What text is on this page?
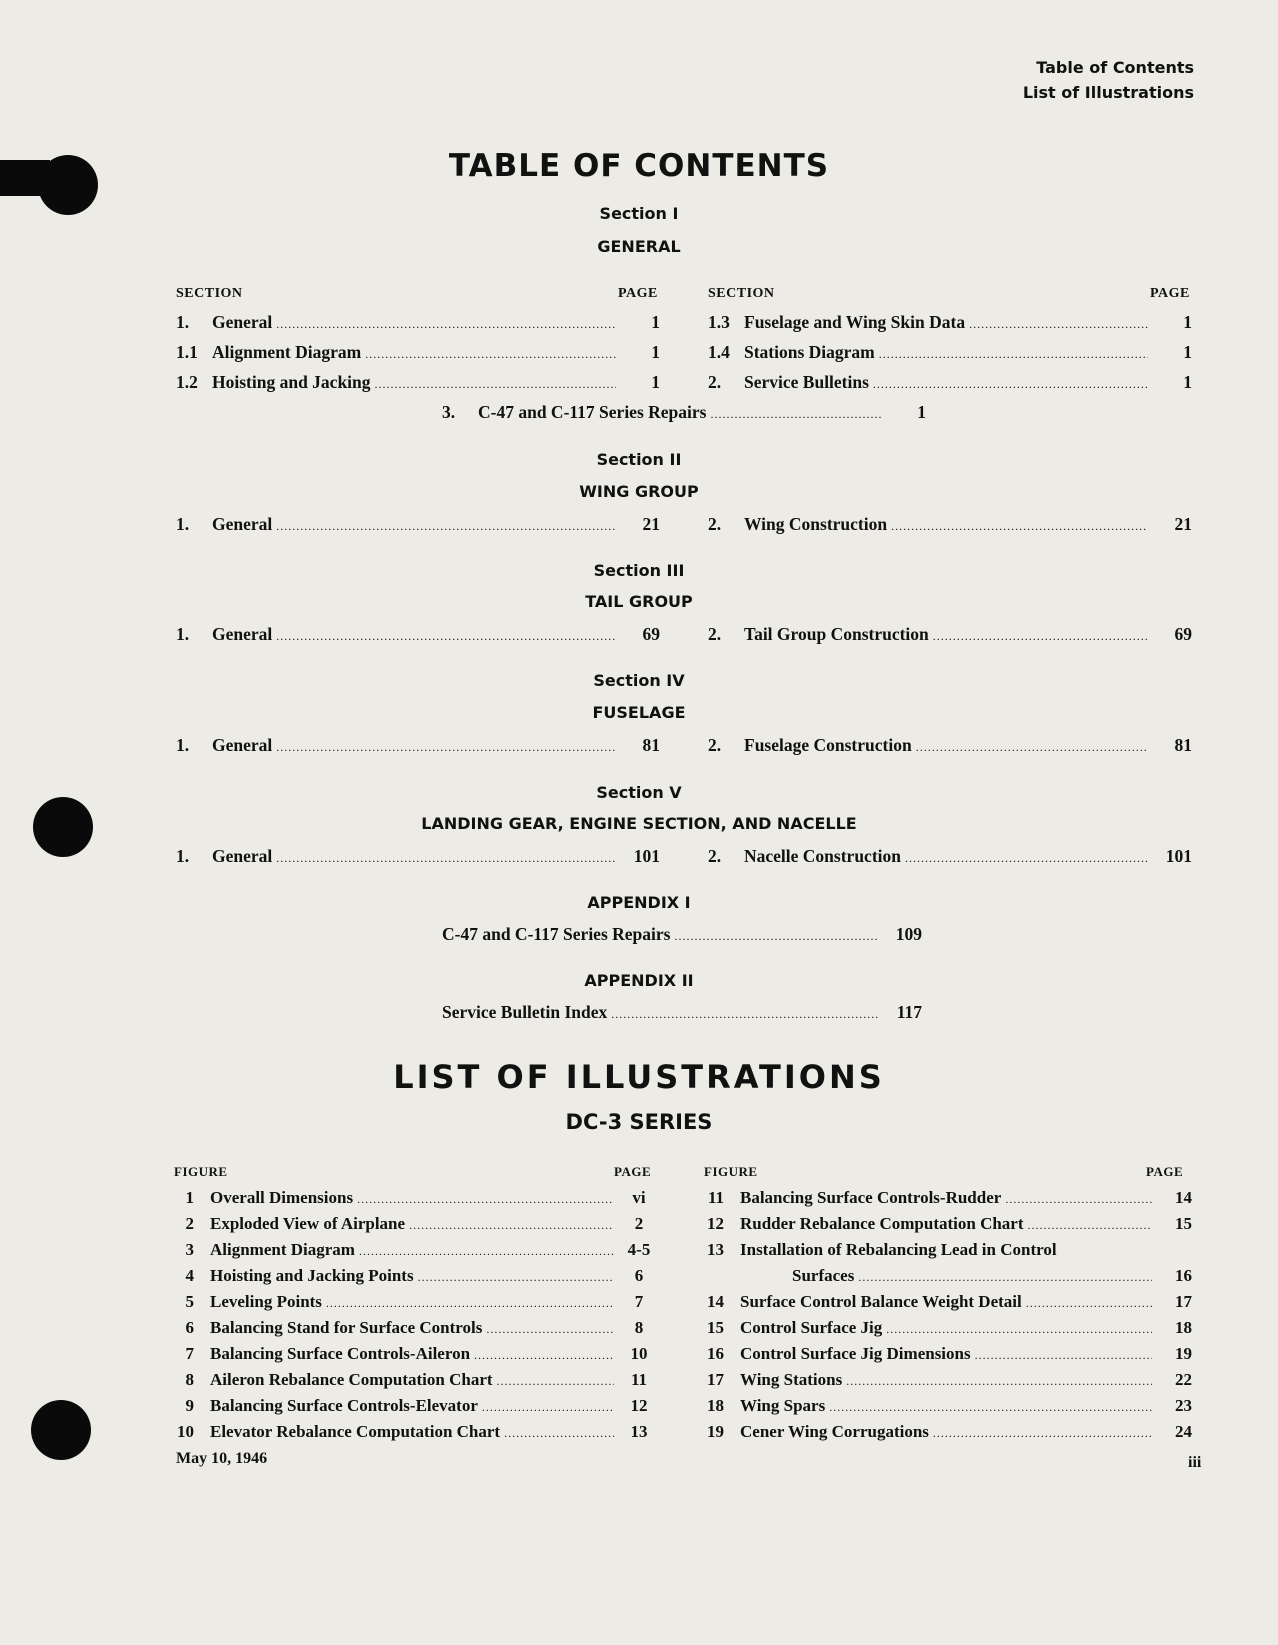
Table of Contents
List of Illustrations
TABLE OF CONTENTS
Section I
GENERAL
SECTION	PAGE	SECTION	PAGE
1.	General .....	1
1.1 Alignment Diagram .....	1
1.2 Hoisting and Jacking .....	1
1.3 Fuselage and Wing Skin Data .....	1
1.4 Stations Diagram .....	1
2.	Service Bulletins .....	1
3.	C-47 and C-117 Series Repairs .....	1
Section II
WING GROUP
1.	General .....	21	2.	Wing Construction .....	21
Section III
TAIL GROUP
1.	General .....	69	2.	Tail Group Construction .....	69
Section IV
FUSELAGE
1.	General .....	81	2.	Fuselage Construction .....	81
Section V
LANDING GEAR, ENGINE SECTION, AND NACELLE
1.	General .....	101	2.	Nacelle Construction .....	101
APPENDIX I
C-47 and C-117 Series Repairs .....	109
APPENDIX II
Service Bulletin Index .....	117
LIST OF ILLUSTRATIONS
DC-3 SERIES
FIGURE	PAGE	FIGURE	PAGE
1 Overall Dimensions .....	vi
2 Exploded View of Airplane .....	2
3 Alignment Diagram .....	4-5
4 Hoisting and Jacking Points .....	6
5 Leveling Points .....	7
6 Balancing Stand for Surface Controls .....	8
7 Balancing Surface Controls-Aileron .....	10
8 Aileron Rebalance Computation Chart .....	11
9 Balancing Surface Controls-Elevator .....	12
10 Elevator Rebalance Computation Chart .....	13
11 Balancing Surface Controls-Rudder .....	14
12 Rudder Rebalance Computation Chart .....	15
13 Installation of Rebalancing Lead in Control
Surfaces .....	16
14 Surface Control Balance Weight Detail .....	17
15 Control Surface Jig .....	18
16 Control Surface Jig Dimensions .....	19
17 Wing Stations .....	22
18 Wing Spars .....	23
19 Cener Wing Corrugations .....	24
May 10, 1946	iii
